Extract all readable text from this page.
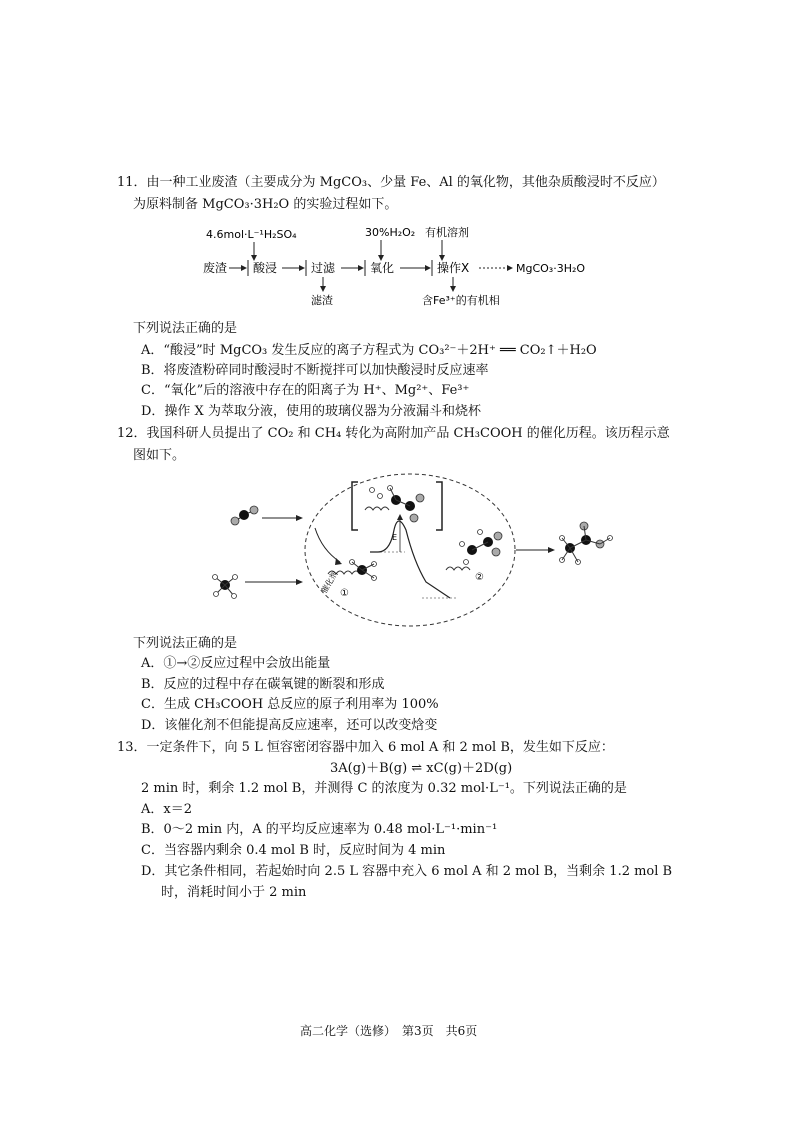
11．由一种工业废渣（主要成分为 MgCO₃、少量 Fe、Al 的氧化物，其他杂质酸浸时不反应）
为原料制备 MgCO₃·3H₂O 的实验过程如下。
4.6mol·L⁻¹H₂SO₄	30%H₂O₂ 有机溶剂
废渣 酸浸	过滤	氧化	操作X	MgCO₃·3H₂O
滤渣	含Fe³⁺的有机相
下列说法正确的是
A．“酸浸”时 MgCO₃ 发生反应的离子方程式为 CO₃²⁻＋2H⁺ ══ CO₂↑＋H₂O
B．将废渣粉碎同时酸浸时不断搅拌可以加快酸浸时反应速率
C．“氧化”后的溶液中存在的阳离子为 H⁺、Mg²⁺、Fe³⁺
D．操作 X 为萃取分液，使用的玻璃仪器为分液漏斗和烧杯
12．我国科研人员提出了 CO₂ 和 CH₄ 转化为高附加产品 CH₃COOH 的催化历程。该历程示意
图如下。
E
催化剂 ①
②
下列说法正确的是
A．①→②反应过程中会放出能量
B．反应的过程中存在碳氧键的断裂和形成
C．生成 CH₃COOH 总反应的原子利用率为 100%
D．该催化剂不但能提高反应速率，还可以改变焓变
13．一定条件下，向 5 L 恒容密闭容器中加入 6 mol A 和 2 mol B，发生如下反应：
3A(g)＋B(g) ⇌ xC(g)＋2D(g)
2 min 时，剩余 1.2 mol B，并测得 C 的浓度为 0.32 mol·L⁻¹。下列说法正确的是
A．x＝2
B．0～2 min 内，A 的平均反应速率为 0.48 mol·L⁻¹·min⁻¹
C．当容器内剩余 0.4 mol B 时，反应时间为 4 min
D．其它条件相同，若起始时向 2.5 L 容器中充入 6 mol A 和 2 mol B，当剩余 1.2 mol B
时，消耗时间小于 2 min
高二化学（选修）　第3页　共6页
